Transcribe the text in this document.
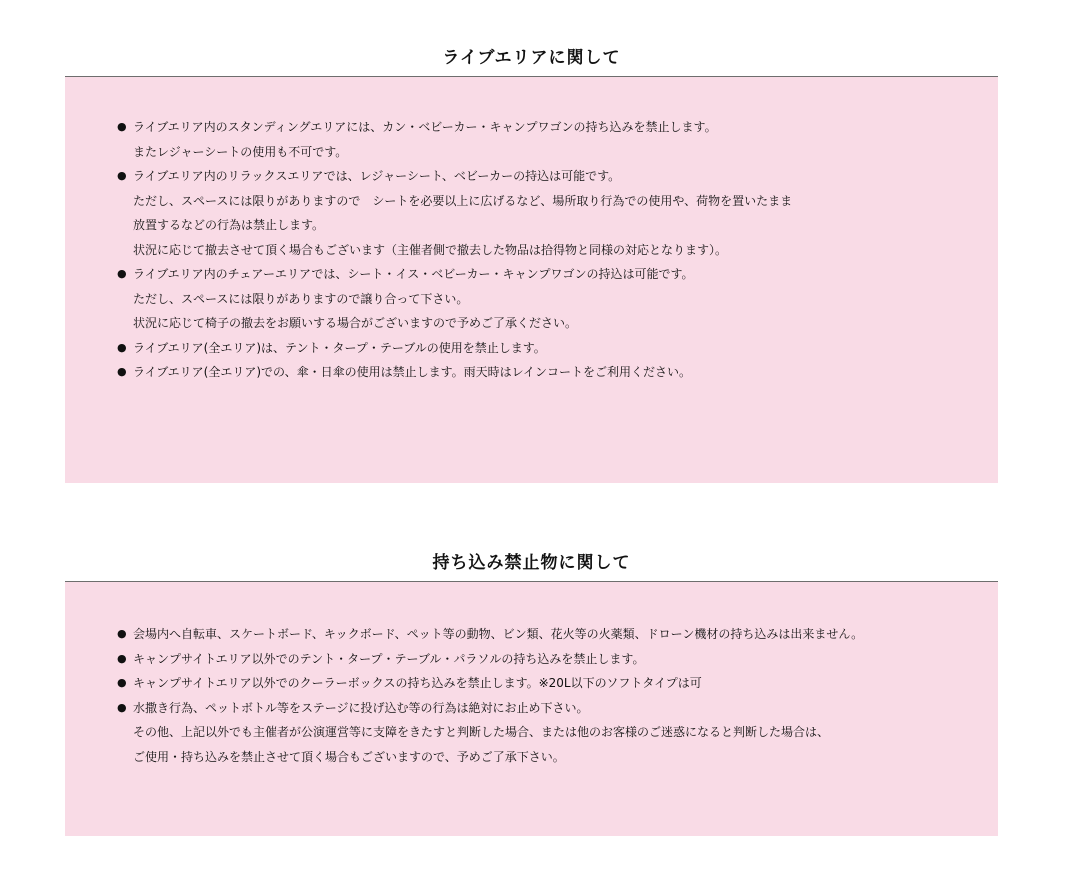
ライブエリアに関して
● ライブエリア内のスタンディングエリアには、カン・ベビーカー・キャンプワゴンの持ち込みを禁止します。
またレジャーシートの使用も不可です。
● ライブエリア内のリラックスエリアでは、レジャーシート、ベビーカーの持込は可能です。
ただし、スペースには限りがありますので　シートを必要以上に広げるなど、場所取り行為での使用や、荷物を置いたまま
放置するなどの行為は禁止します。
状況に応じて撤去させて頂く場合もございます（主催者側で撤去した物品は拾得物と同様の対応となります）。
● ライブエリア内のチェアーエリアでは、シート・イス・ベビーカー・キャンプワゴンの持込は可能です。
ただし、スペースには限りがありますので譲り合って下さい。
状況に応じて椅子の撤去をお願いする場合がございますので予めご了承ください。
● ライブエリア(全エリア)は、テント・タープ・テーブルの使用を禁止します。
● ライブエリア(全エリア)での、傘・日傘の使用は禁止します。雨天時はレインコートをご利用ください。
持ち込み禁止物に関して
● 会場内へ自転車、スケートボード、キックボード、ペット等の動物、ビン類、花火等の火薬類、ドローン機材の持ち込みは出来ません。
● キャンプサイトエリア以外でのテント・タープ・テーブル・パラソルの持ち込みを禁止します。
● キャンプサイトエリア以外でのクーラーボックスの持ち込みを禁止します。※20L以下のソフトタイプは可
● 水撒き行為、ペットボトル等をステージに投げ込む等の行為は絶対にお止め下さい。
その他、上記以外でも主催者が公演運営等に支障をきたすと判断した場合、または他のお客様のご迷惑になると判断した場合は、
ご使用・持ち込みを禁止させて頂く場合もございますので、予めご了承下さい。
